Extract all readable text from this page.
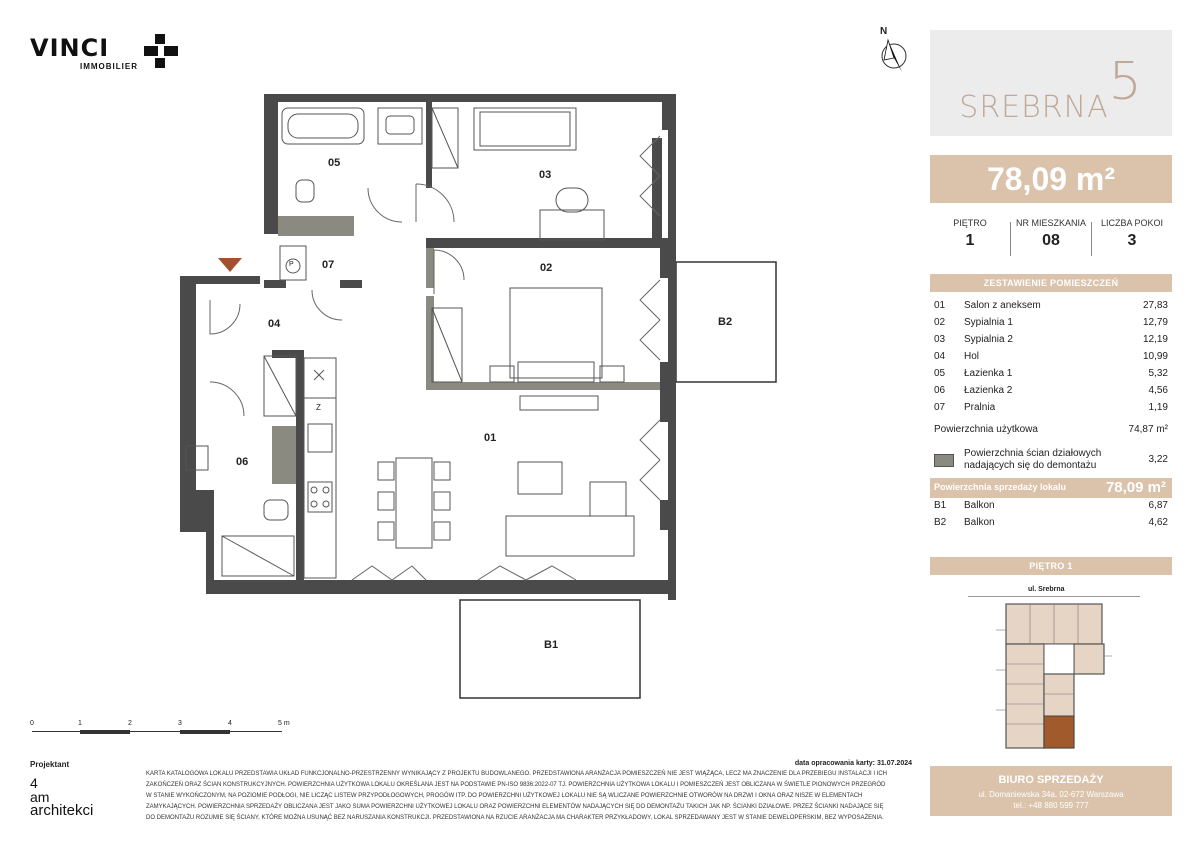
VINCI
IMMOBILIER
N
SREBRNA5
78,09 m²
PIĘTRO
1
NR MIESZKANIA
08
LICZBA POKOI
3
ZESTAWIENIE POMIESZCZEŃ
01 Salon z aneksem	27,83
02 Sypialnia 1	12,79
03 Sypialnia 2	12,19
04 Hol	10,99
05 Łazienka 1	5,32
06 Łazienka 2	4,56
07 Pralnia	1,19
Powierzchnia użytkowa	74,87 m²
Powierzchnia ścian działowych
nadających się do demontażu
3,22
Powierzchnia sprzedaży lokalu	78,09 m²
B1 Balkon	6,87
B2 Balkon	4,62
PIĘTRO 1
ul. Srebrna
BIURO SPRZEDAŻY
ul. Domaniewska 34a, 02-672 Warszawa
tel.: +48 880 599 777
05
03
07	02
04	B2
01
06
B1
Z
P
0	1	2	3	4	5 m
Projektant
4
am
architekci
data opracowania karty: 31.07.2024
KARTA KATALOGOWA LOKALU PRZEDSTAWIA UKŁAD FUNKCJONALNO-PRZESTRZENNY WYNIKAJĄCY Z PROJEKTU BUDOWLANEGO. PRZEDSTAWIONA ARANŻACJA POMIESZCZEŃ NIE JEST WIĄŻĄCA, LECZ MA ZNACZENIE DLA PRZEBIEGU INSTALACJI I ICH
ZAKOŃCZEŃ ORAZ ŚCIAN KONSTRUKCYJNYCH. POWIERZCHNIA UŻYTKOWA LOKALU OKREŚLANA JEST NA PODSTAWIE PN-ISO 9836:2022-07 TJ. POWIERZCHNIA UŻYTKOWA LOKALU I POMIESZCZEŃ JEST OBLICZANA W ŚWIETLE PIONOWYCH PRZEGRÓD
W STANIE WYKOŃCZONYM, NA POZIOMIE PODŁOGI, NIE LICZĄC LISTEW PRZYPODŁOGOWYCH, PROGÓW ITP. DO POWIERZCHNI UŻYTKOWEJ LOKALU NIE SĄ WLICZANE POWIERZCHNIE OTWORÓW NA DRZWI I OKNA ORAZ NISZE W ELEMENTACH
ZAMYKAJĄCYCH. POWIERZCHNIA SPRZEDAŻY OBLICZANA JEST JAKO SUMA POWIERZCHNI UŻYTKOWEJ LOKALU ORAZ POWIERZCHNI ELEMENTÓW NADAJĄCYCH SIĘ DO DEMONTAŻU TAKICH JAK NP. ŚCIANKI DZIAŁOWE. PRZEZ ŚCIANKI NADAJĄCE SIĘ
DO DEMONTAŻU ROZUMIE SIĘ ŚCIANY, KTÓRE MOŻNA USUNĄĆ BEZ NARUSZANIA KONSTRUKCJI. PRZEDSTAWIONA NA RZUCIE ARANŻACJA MA CHARAKTER PRZYKŁADOWY, LOKAL SPRZEDAWANY JEST W STANIE DEWELOPERSKIM, BEZ WYPOSAŻENIA.
